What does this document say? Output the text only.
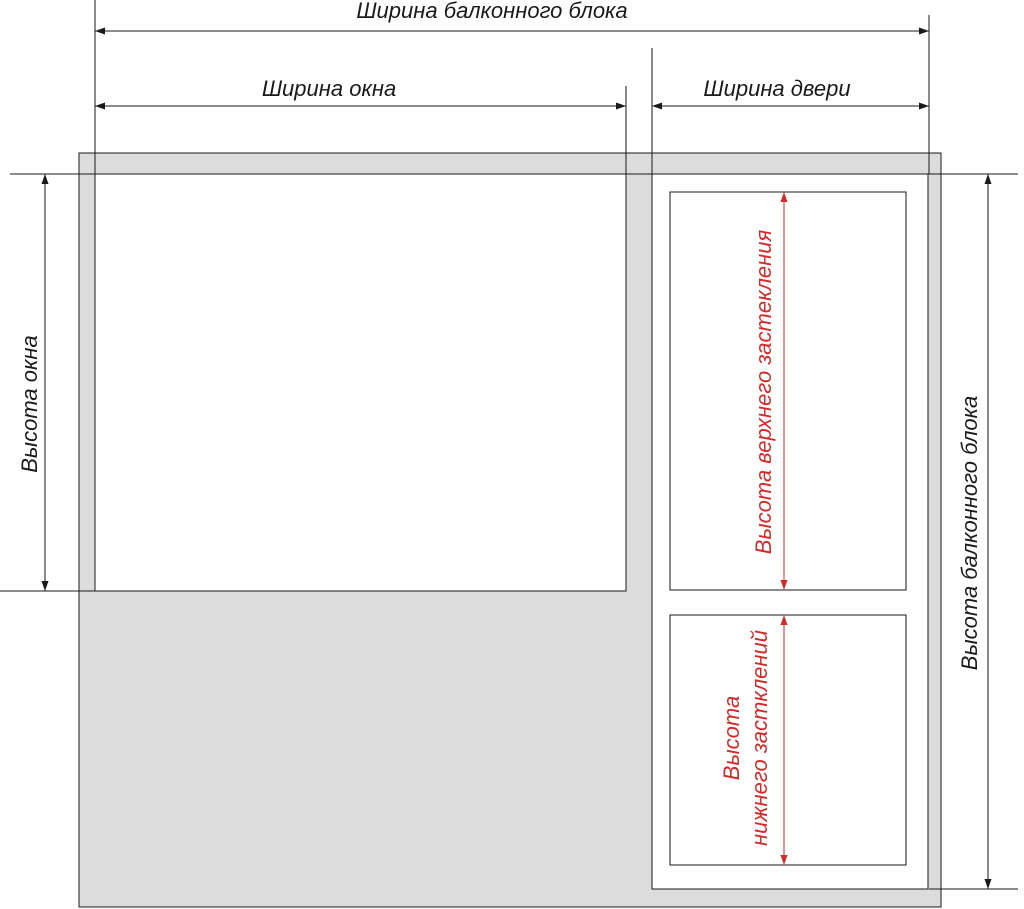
Ширина балконного блока
Ширина окна	Ширина двери
Высота окна	Высота балконного блока
Высота верхнего застекления
Высота нижнего застклений
